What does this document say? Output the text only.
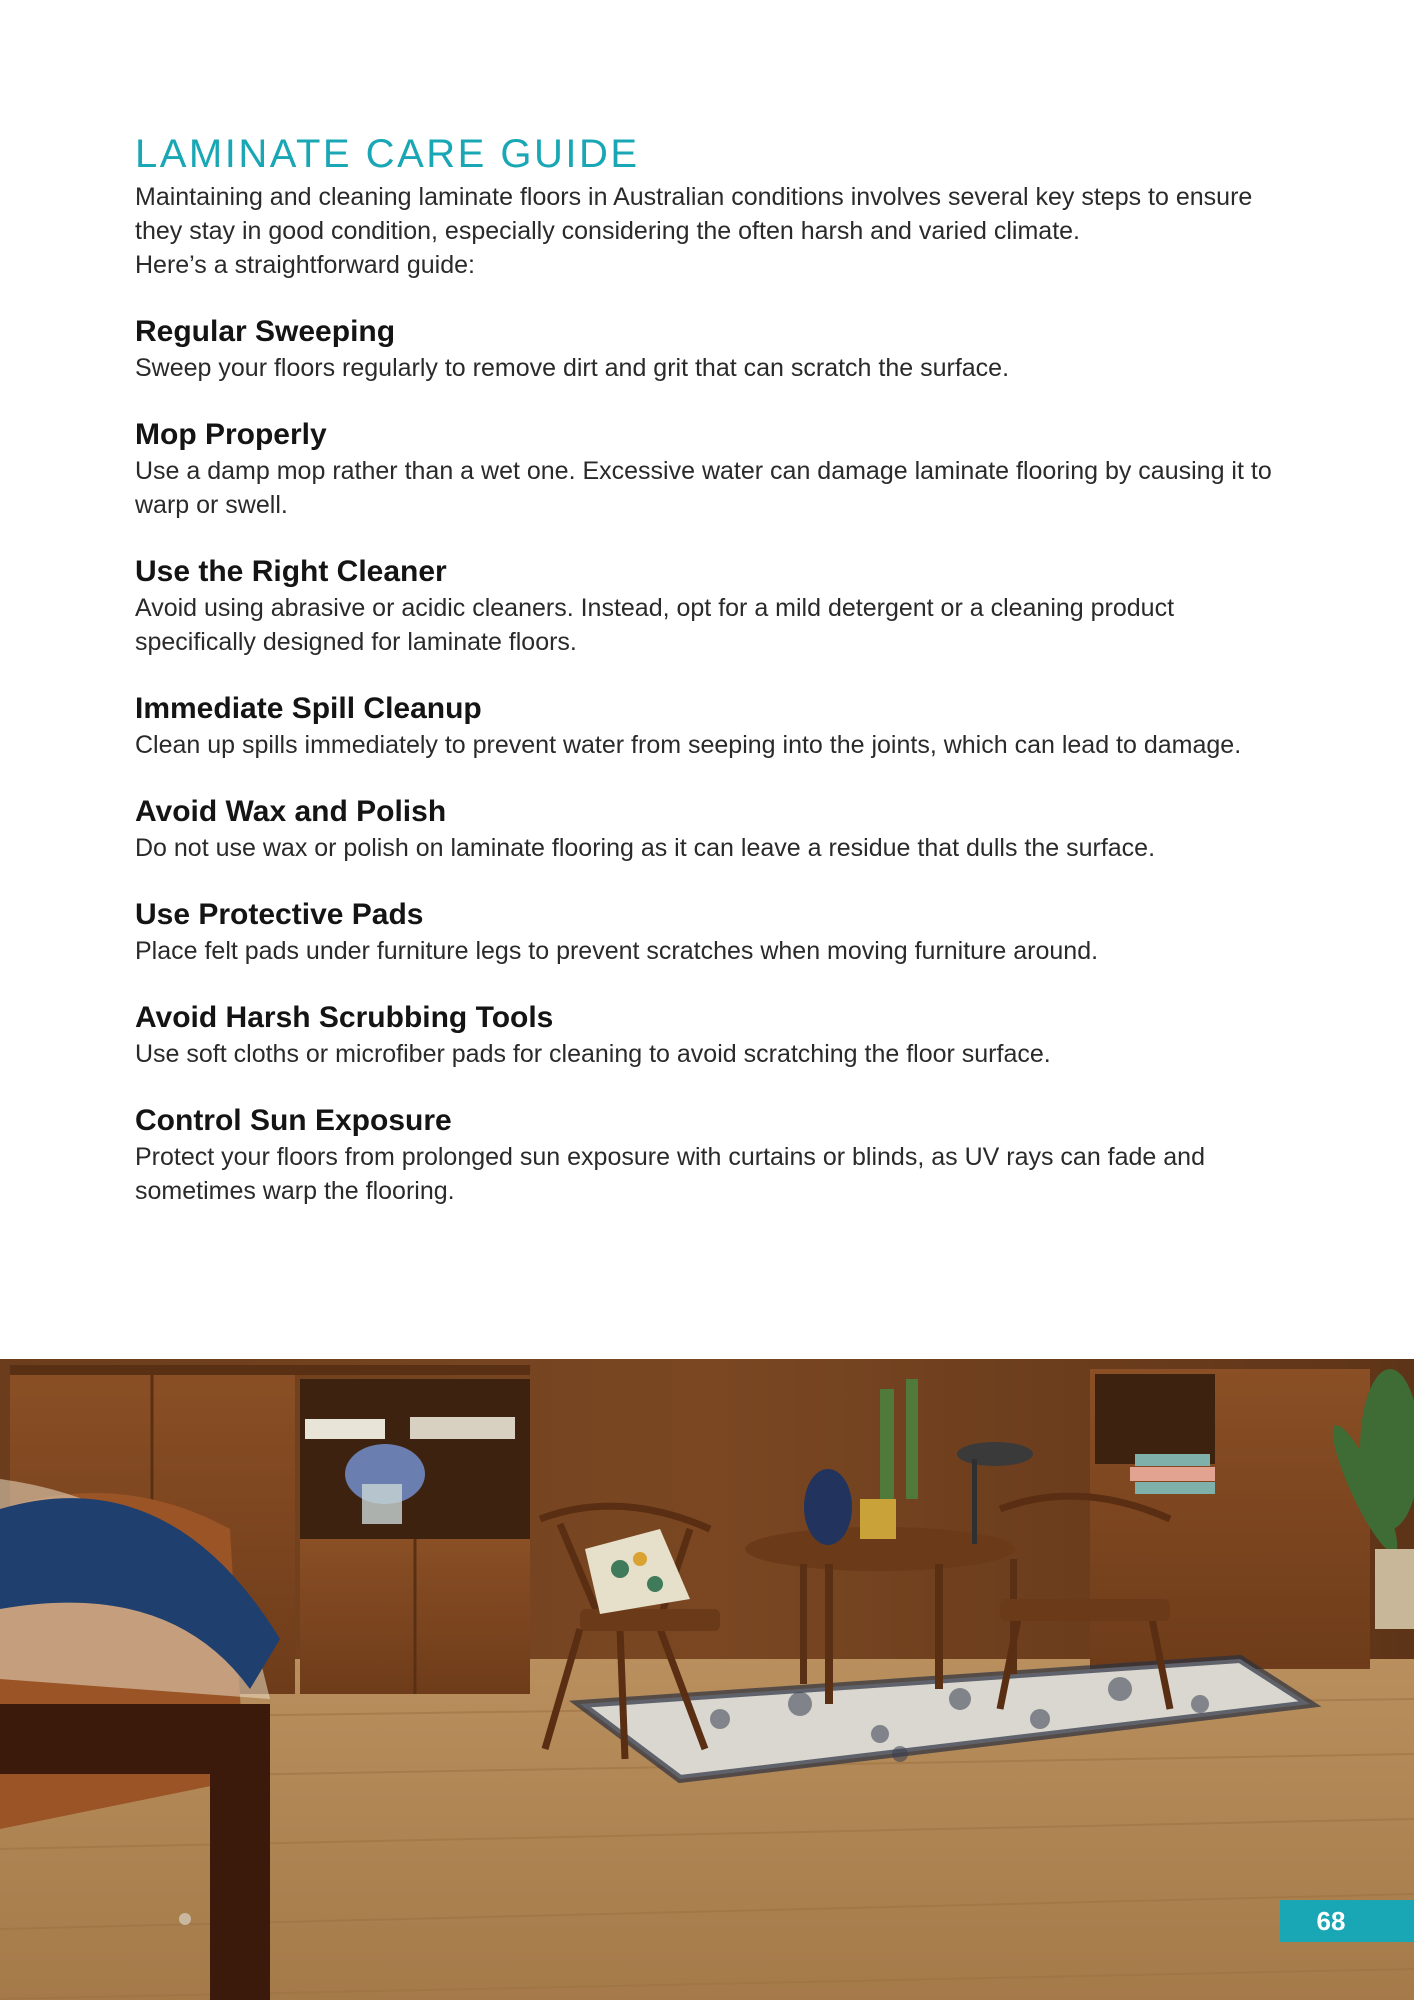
LAMINATE CARE GUIDE

Maintaining and cleaning laminate floors in Australian conditions involves several key steps to ensure they stay in good condition, especially considering the often harsh and varied climate.

Here’s a straightforward guide:

Regular Sweeping

Sweep your floors regularly to remove dirt and grit that can scratch the surface.

Mop Properly

Use a damp mop rather than a wet one. Excessive water can damage laminate flooring by causing it to warp or swell.

Use the Right Cleaner

Avoid using abrasive or acidic cleaners. Instead, opt for a mild detergent or a cleaning product specifically designed for laminate floors.

Immediate Spill Cleanup

Clean up spills immediately to prevent water from seeping into the joints, which can lead to damage.

Avoid Wax and Polish

Do not use wax or polish on laminate flooring as it can leave a residue that dulls the surface.

Use Protective Pads

Place felt pads under furniture legs to prevent scratches when moving furniture around.

Avoid Harsh Scrubbing Tools

Use soft cloths or microfiber pads for cleaning to avoid scratching the floor surface.

Control Sun Exposure

Protect your floors from prolonged sun exposure with curtains or blinds, as UV rays can fade and sometimes warp the flooring.

68
